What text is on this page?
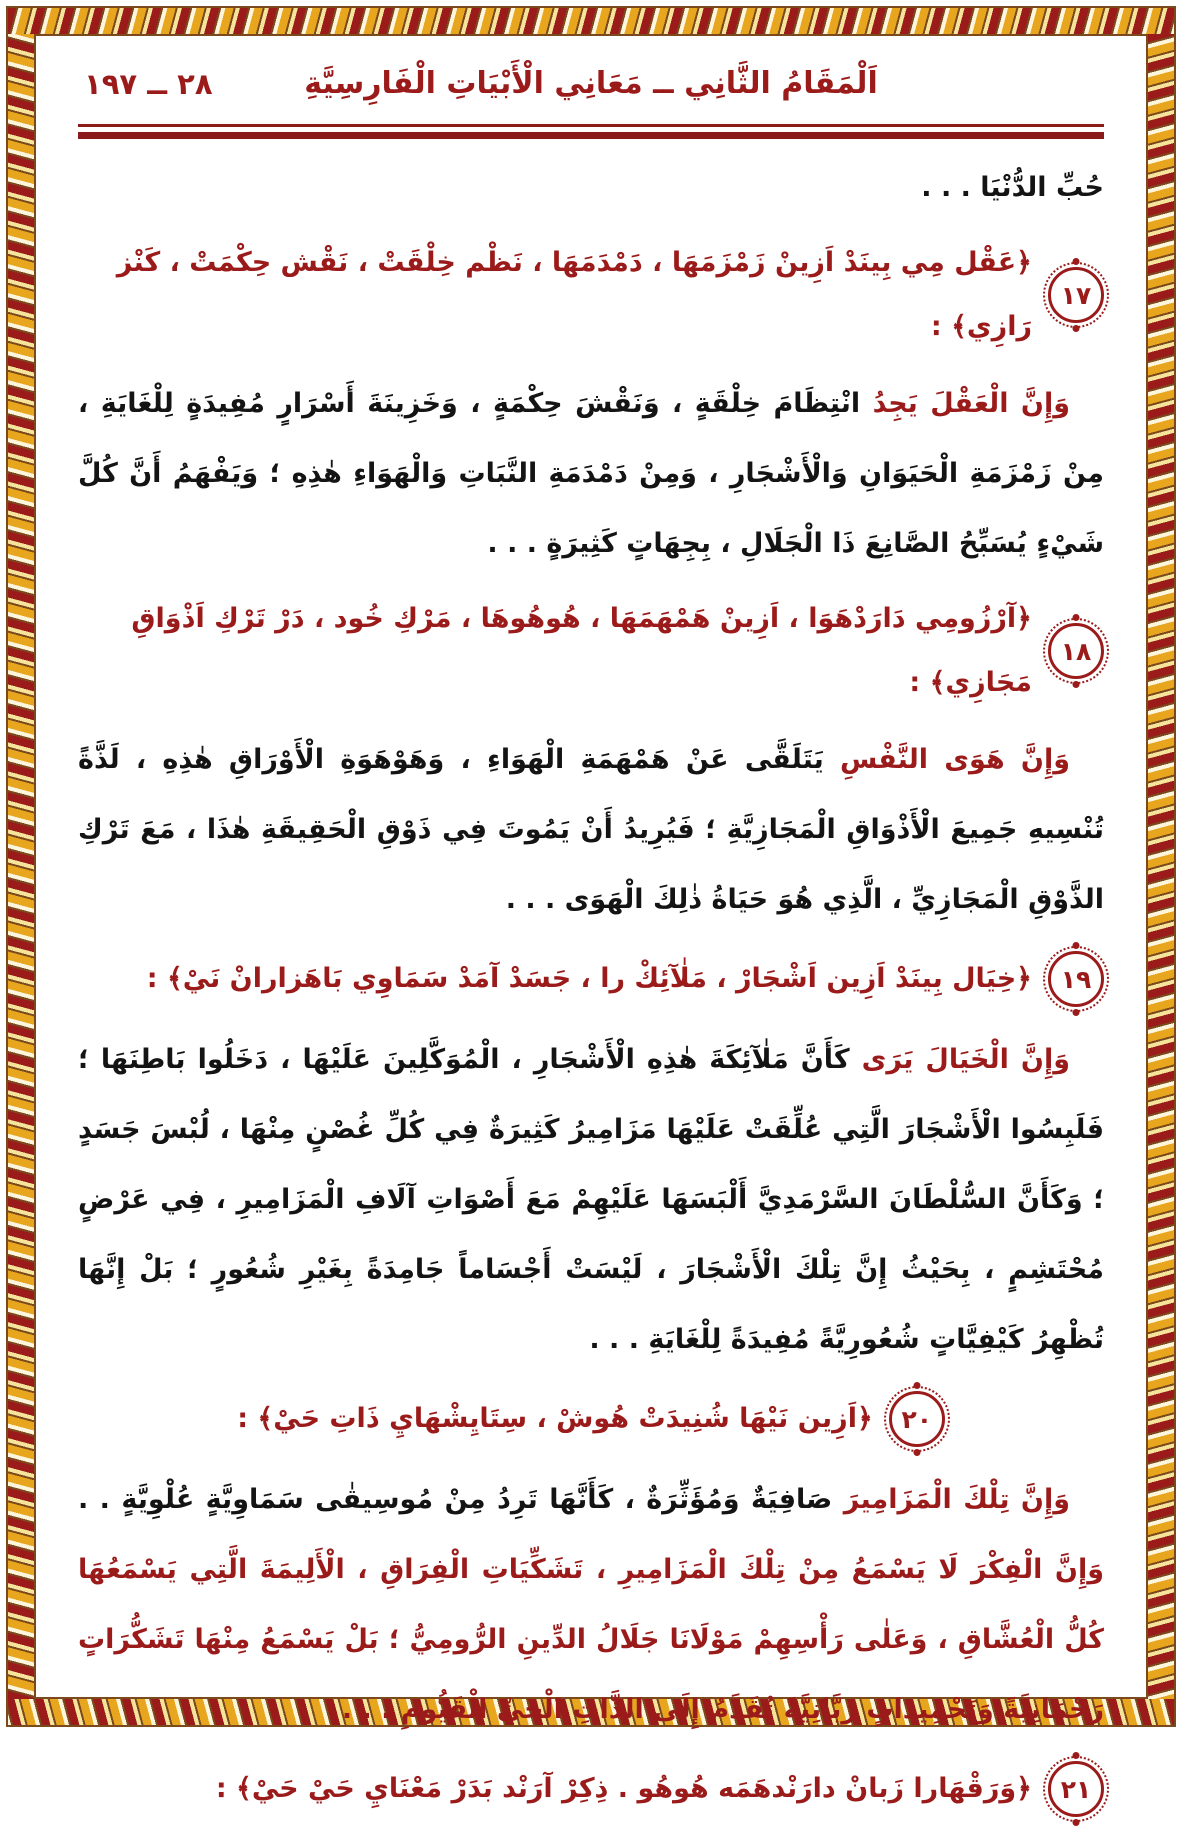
اَلْمَقَامُ الثَّانِي ــ مَعَانِي الْأَبْيَاتِ الْفَارِسِيَّةِ
٢٨ ــ ١٩٧

حُبِّ الدُّنْيَا . . .

١٧
﴿عَقْل مِي بِينَدْ اَزِينْ زَمْزَمَهَا ، دَمْدَمَهَا ، نَظْم خِلْقَتْ ، نَقْش حِكْمَتْ ، كَنْز رَازِي﴾ :

وَإِنَّ الْعَقْلَ يَجِدُ انْتِظَامَ خِلْقَةٍ ، وَنَقْشَ حِكْمَةٍ ، وَخَزِينَةَ أَسْرَارٍ مُفِيدَةٍ لِلْغَايَةِ ، مِنْ زَمْزَمَةِ الْحَيَوَانِ وَالْأَشْجَارِ ، وَمِنْ دَمْدَمَةِ النَّبَاتِ وَالْهَوَاءِ هٰذِهِ ؛ وَيَفْهَمُ أَنَّ كُلَّ شَيْءٍ يُسَبِّحُ الصَّانِعَ ذَا الْجَلَالِ ، بِجِهَاتٍ كَثِيرَةٍ . . .

١٨
﴿آرْزُومِي دَارَدْهَوَا ، اَزِينْ هَمْهَمَهَا ، هُوهُوهَا ، مَرْكِ خُود ، دَرْ تَرْكِ اَذْوَاقِ مَجَازِي﴾ :

وَإِنَّ هَوَى النَّفْسِ يَتَلَقَّى عَنْ هَمْهَمَةِ الْهَوَاءِ ، وَهَوْهَوَةِ الْأَوْرَاقِ هٰذِهِ ، لَذَّةً تُنْسِيهِ جَمِيعَ الْأَذْوَاقِ الْمَجَازِيَّةِ ؛ فَيُرِيدُ أَنْ يَمُوتَ فِي ذَوْقِ الْحَقِيقَةِ هٰذَا ، مَعَ تَرْكِ الذَّوْقِ الْمَجَازِيِّ ، الَّذِي هُوَ حَيَاةُ ذٰلِكَ الْهَوَى . . .

١٩
﴿خِيَال بِينَدْ اَزِين اَشْجَارْ ، مَلٰآئِكْ را ، جَسَدْ آمَدْ سَمَاوِي بَاهَزارانْ نَيْ﴾ :

وَإِنَّ الْخَيَالَ يَرَى كَأَنَّ مَلٰآئِكَةَ هٰذِهِ الْأَشْجَارِ ، الْمُوَكَّلِينَ عَلَيْهَا ، دَخَلُوا بَاطِنَهَا ؛ فَلَبِسُوا الْأَشْجَارَ الَّتِي عُلِّقَتْ عَلَيْهَا مَزَامِيرُ كَثِيرَةٌ فِي كُلِّ غُصْنٍ مِنْهَا ، لُبْسَ جَسَدٍ ؛ وَكَأَنَّ السُّلْطَانَ السَّرْمَدِيَّ أَلْبَسَهَا عَلَيْهِمْ مَعَ أَصْوَاتِ آلَافِ الْمَزَامِيرِ ، فِي عَرْضٍ مُحْتَشِمٍ ، بِحَيْثُ إِنَّ تِلْكَ الْأَشْجَارَ ، لَيْسَتْ أَجْسَاماً جَامِدَةً بِغَيْرِ شُعُورٍ ؛ بَلْ إِنَّهَا تُظْهِرُ كَيْفِيَّاتٍ شُعُورِيَّةً مُفِيدَةً لِلْغَايَةِ . . .

٢٠
﴿اَزِين نَيْهَا شُنِيدَتْ هُوشْ ، سِتَايِشْهَايِ ذَاتِ حَيْ﴾ :

وَإِنَّ تِلْكَ الْمَزَامِيرَ صَافِيَةٌ وَمُؤَثِّرَةٌ ، كَأَنَّهَا تَرِدُ مِنْ مُوسِيقٰى سَمَاوِيَّةٍ عُلْوِيَّةٍ . . وَإِنَّ الْفِكْرَ لَا يَسْمَعُ مِنْ تِلْكَ الْمَزَامِيرِ ، تَشَكِّيَاتِ الْفِرَاقِ ، الْأَلِيمَةَ الَّتِي يَسْمَعُهَا كُلُّ الْعُشَّاقِ ، وَعَلٰى رَأْسِهِمْ مَوْلَانَا جَلَالُ الدِّينِ الرُّومِيُّ ؛ بَلْ يَسْمَعُ مِنْهَا تَشَكُّرَاتٍ رَحْمَانِيَّةً وَتَحْمِيدَاتٍ رَبَّانِيَّةً تُقَدَّمُ إِلَى الذَّاتِ الْحَيِّ الْقَيُّومِ . . .

٢١
﴿وَرَقْهَارا زَبانْ دارَنْدهَمَه هُوهُو . ذِكِرْ آرَنْد بَدَرْ مَعْنَايِ حَيْ حَيْ﴾ :
